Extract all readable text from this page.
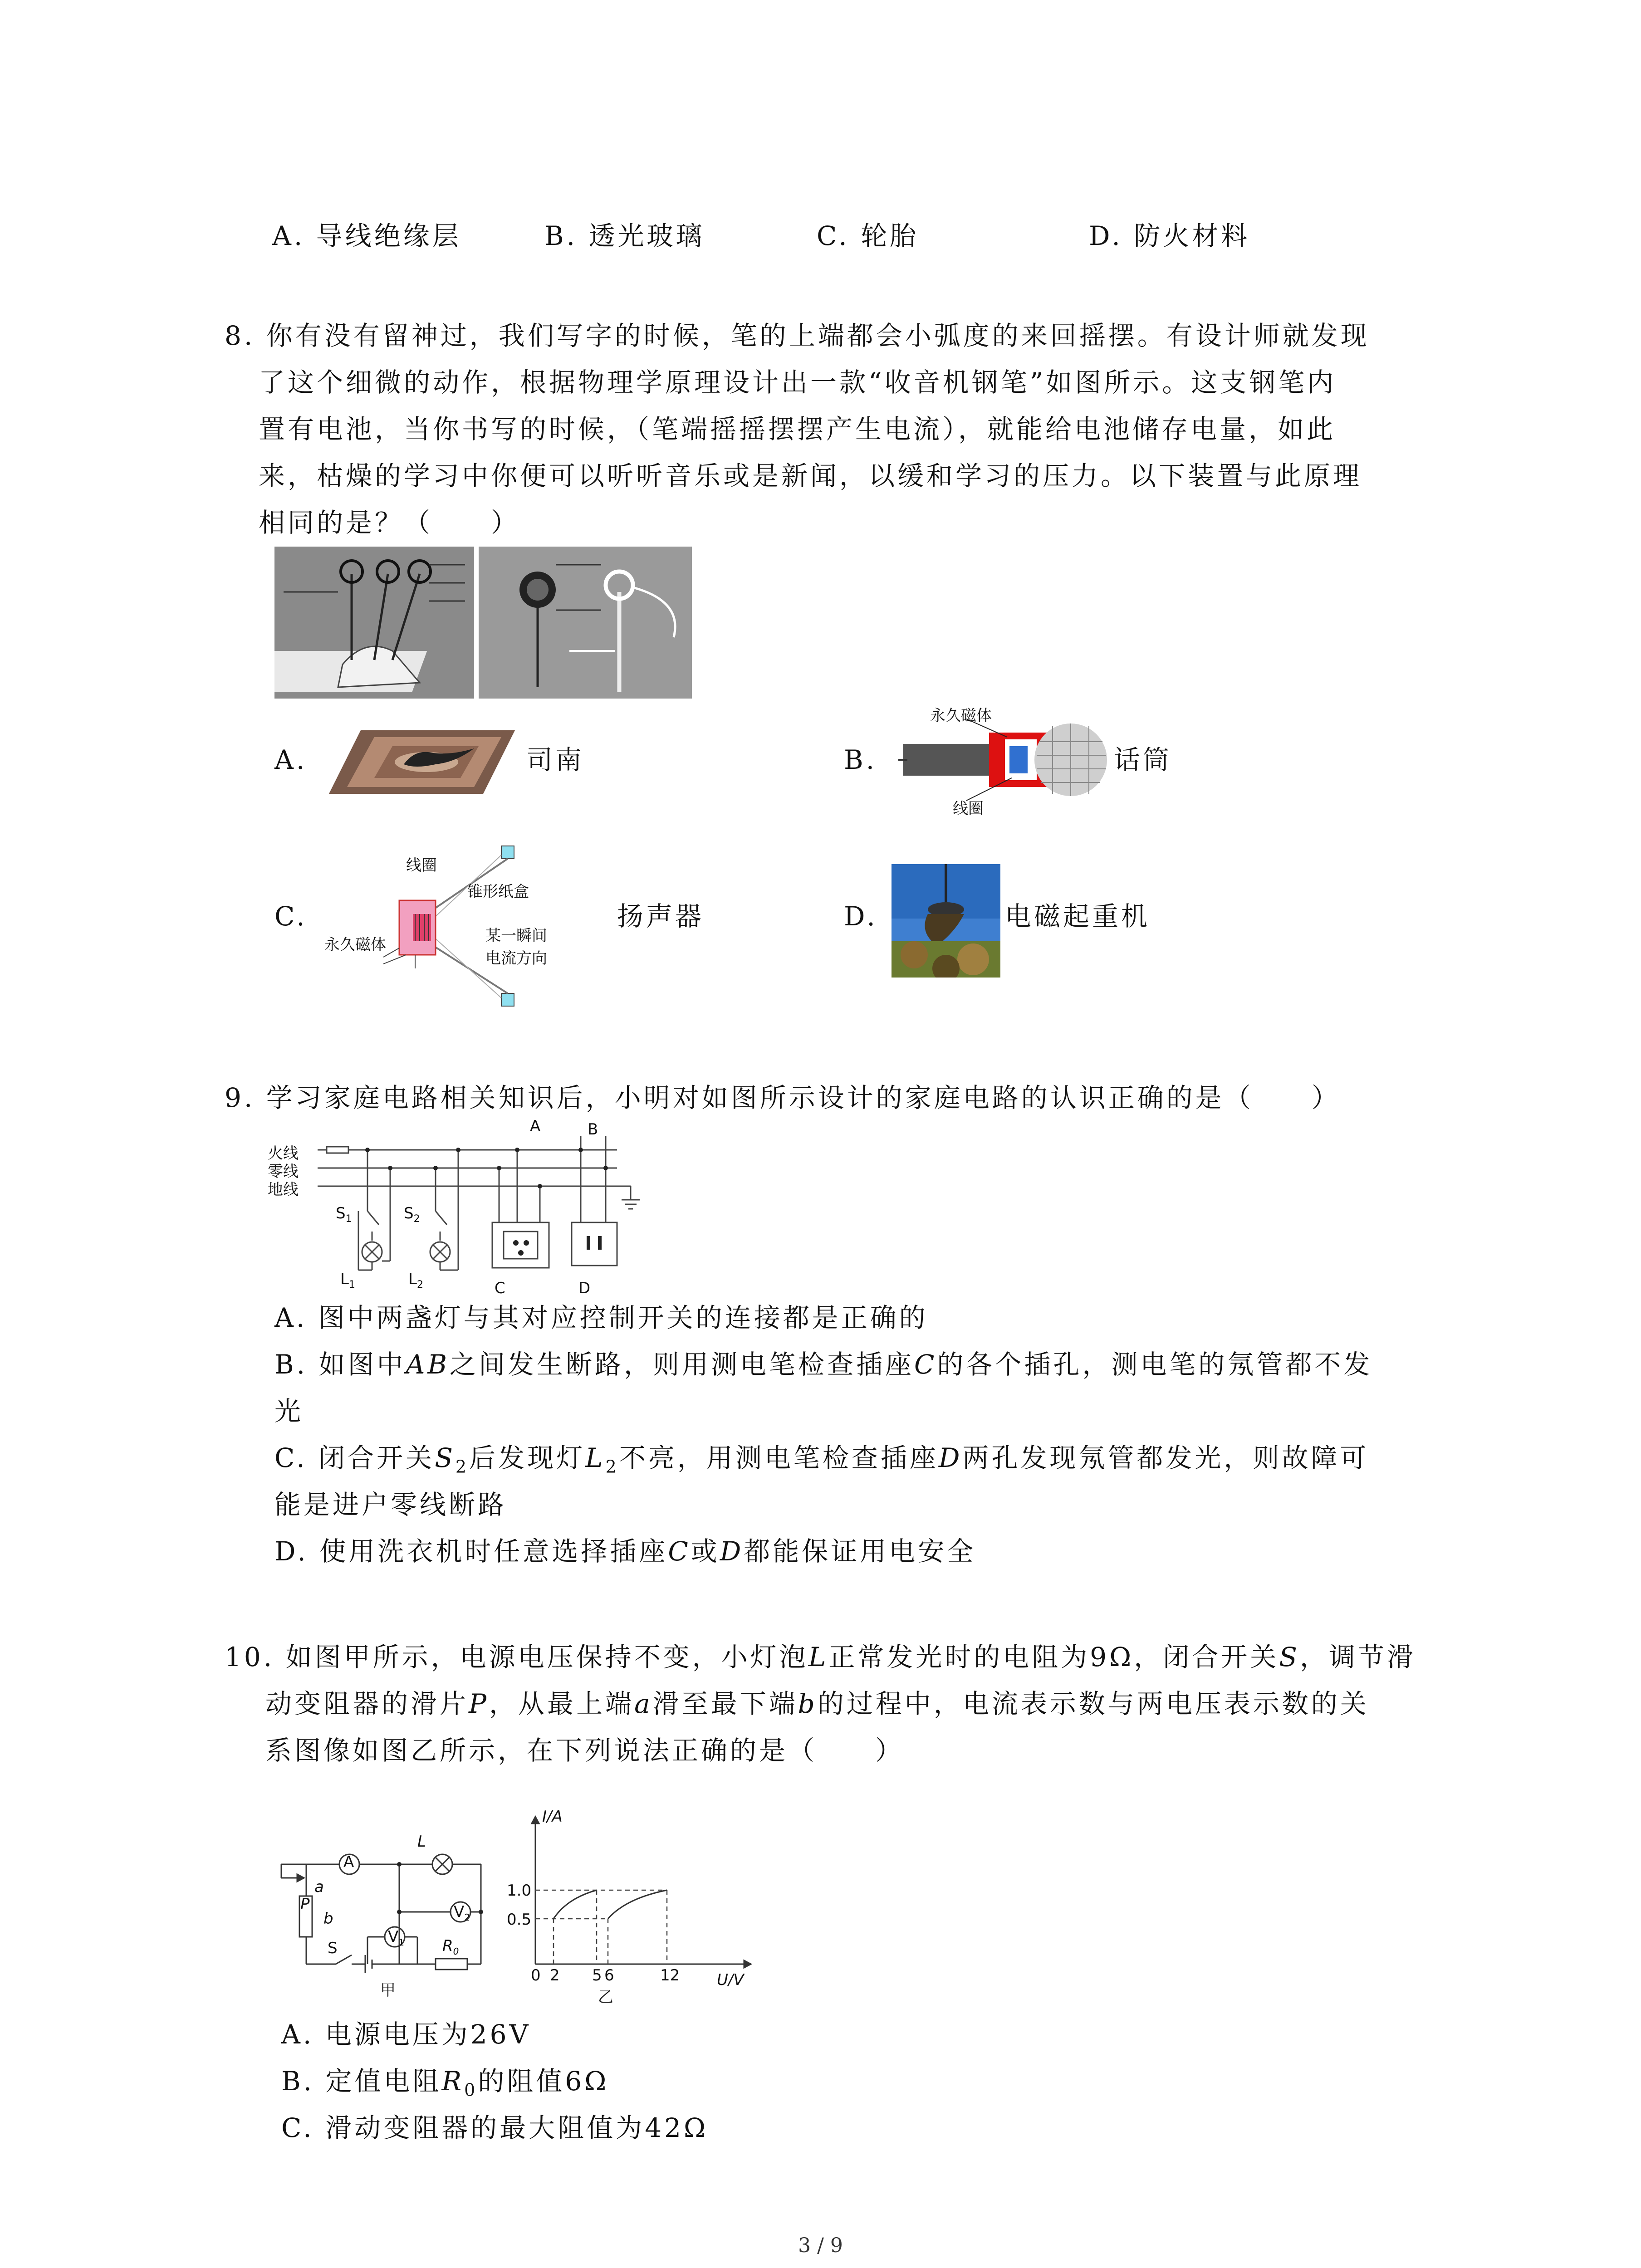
A. 导线绝缘层	B. 透光玻璃	C. 轮胎	D. 防火材料
8. 你有没有留神过，我们写字的时候，笔的上端都会小弧度的来回摇摆。有设计师就发现
了这个细微的动作，根据物理学原理设计出一款“收音机钢笔”如图所示。这支钢笔内
置有电池，当你书写的时候，（笔端摇摇摆摆产生电流），就能给电池储存电量，如此
来，枯燥的学习中你便可以听听音乐或是新闻，以缓和学习的压力。以下装置与此原理
相同的是？（　　）
A.	司南	B.
永久磁体
线圈
话筒
C.
线圈
锥形纸盒
永久磁体	某一瞬间
电流方向
扬声器	D.	电磁起重机
9. 学习家庭电路相关知识后，小明对如图所示设计的家庭电路的认识正确的是（　　）
火线
零线
地线
A	B
$S_1$	$S_2$
$L_1$	$L_2$	C	D
A. 图中两盏灯与其对应控制开关的连接都是正确的
B. 如图中AB之间发生断路，则用测电笔检查插座C的各个插孔，测电笔的氖管都不发
光
C. 闭合开关$S_2$后发现灯$L_2$不亮，用测电笔检查插座D两孔发现氖管都发光，则故障可
能是进户零线断路
D. 使用洗衣机时任意选择插座C或D都能保证用电安全
10. 如图甲所示，电源电压保持不变，小灯泡L正常发光时的电阻为9Ω，闭合开关S，调节滑
动变阻器的滑片P，从最上端a滑至最下端b的过程中，电流表示数与两电压表示数的关
系图像如图乙所示，在下列说法正确的是（　　）
A
L
$V_2$
$V_1$ $R_0$
a
b
P
S
甲
I/A
U/V
1.0
0.5
0 2 5 6	12
乙
A. 电源电压为26V
B. 定值电阻$R_0$的阻值6Ω
C. 滑动变阻器的最大阻值为42Ω
3 / 9
